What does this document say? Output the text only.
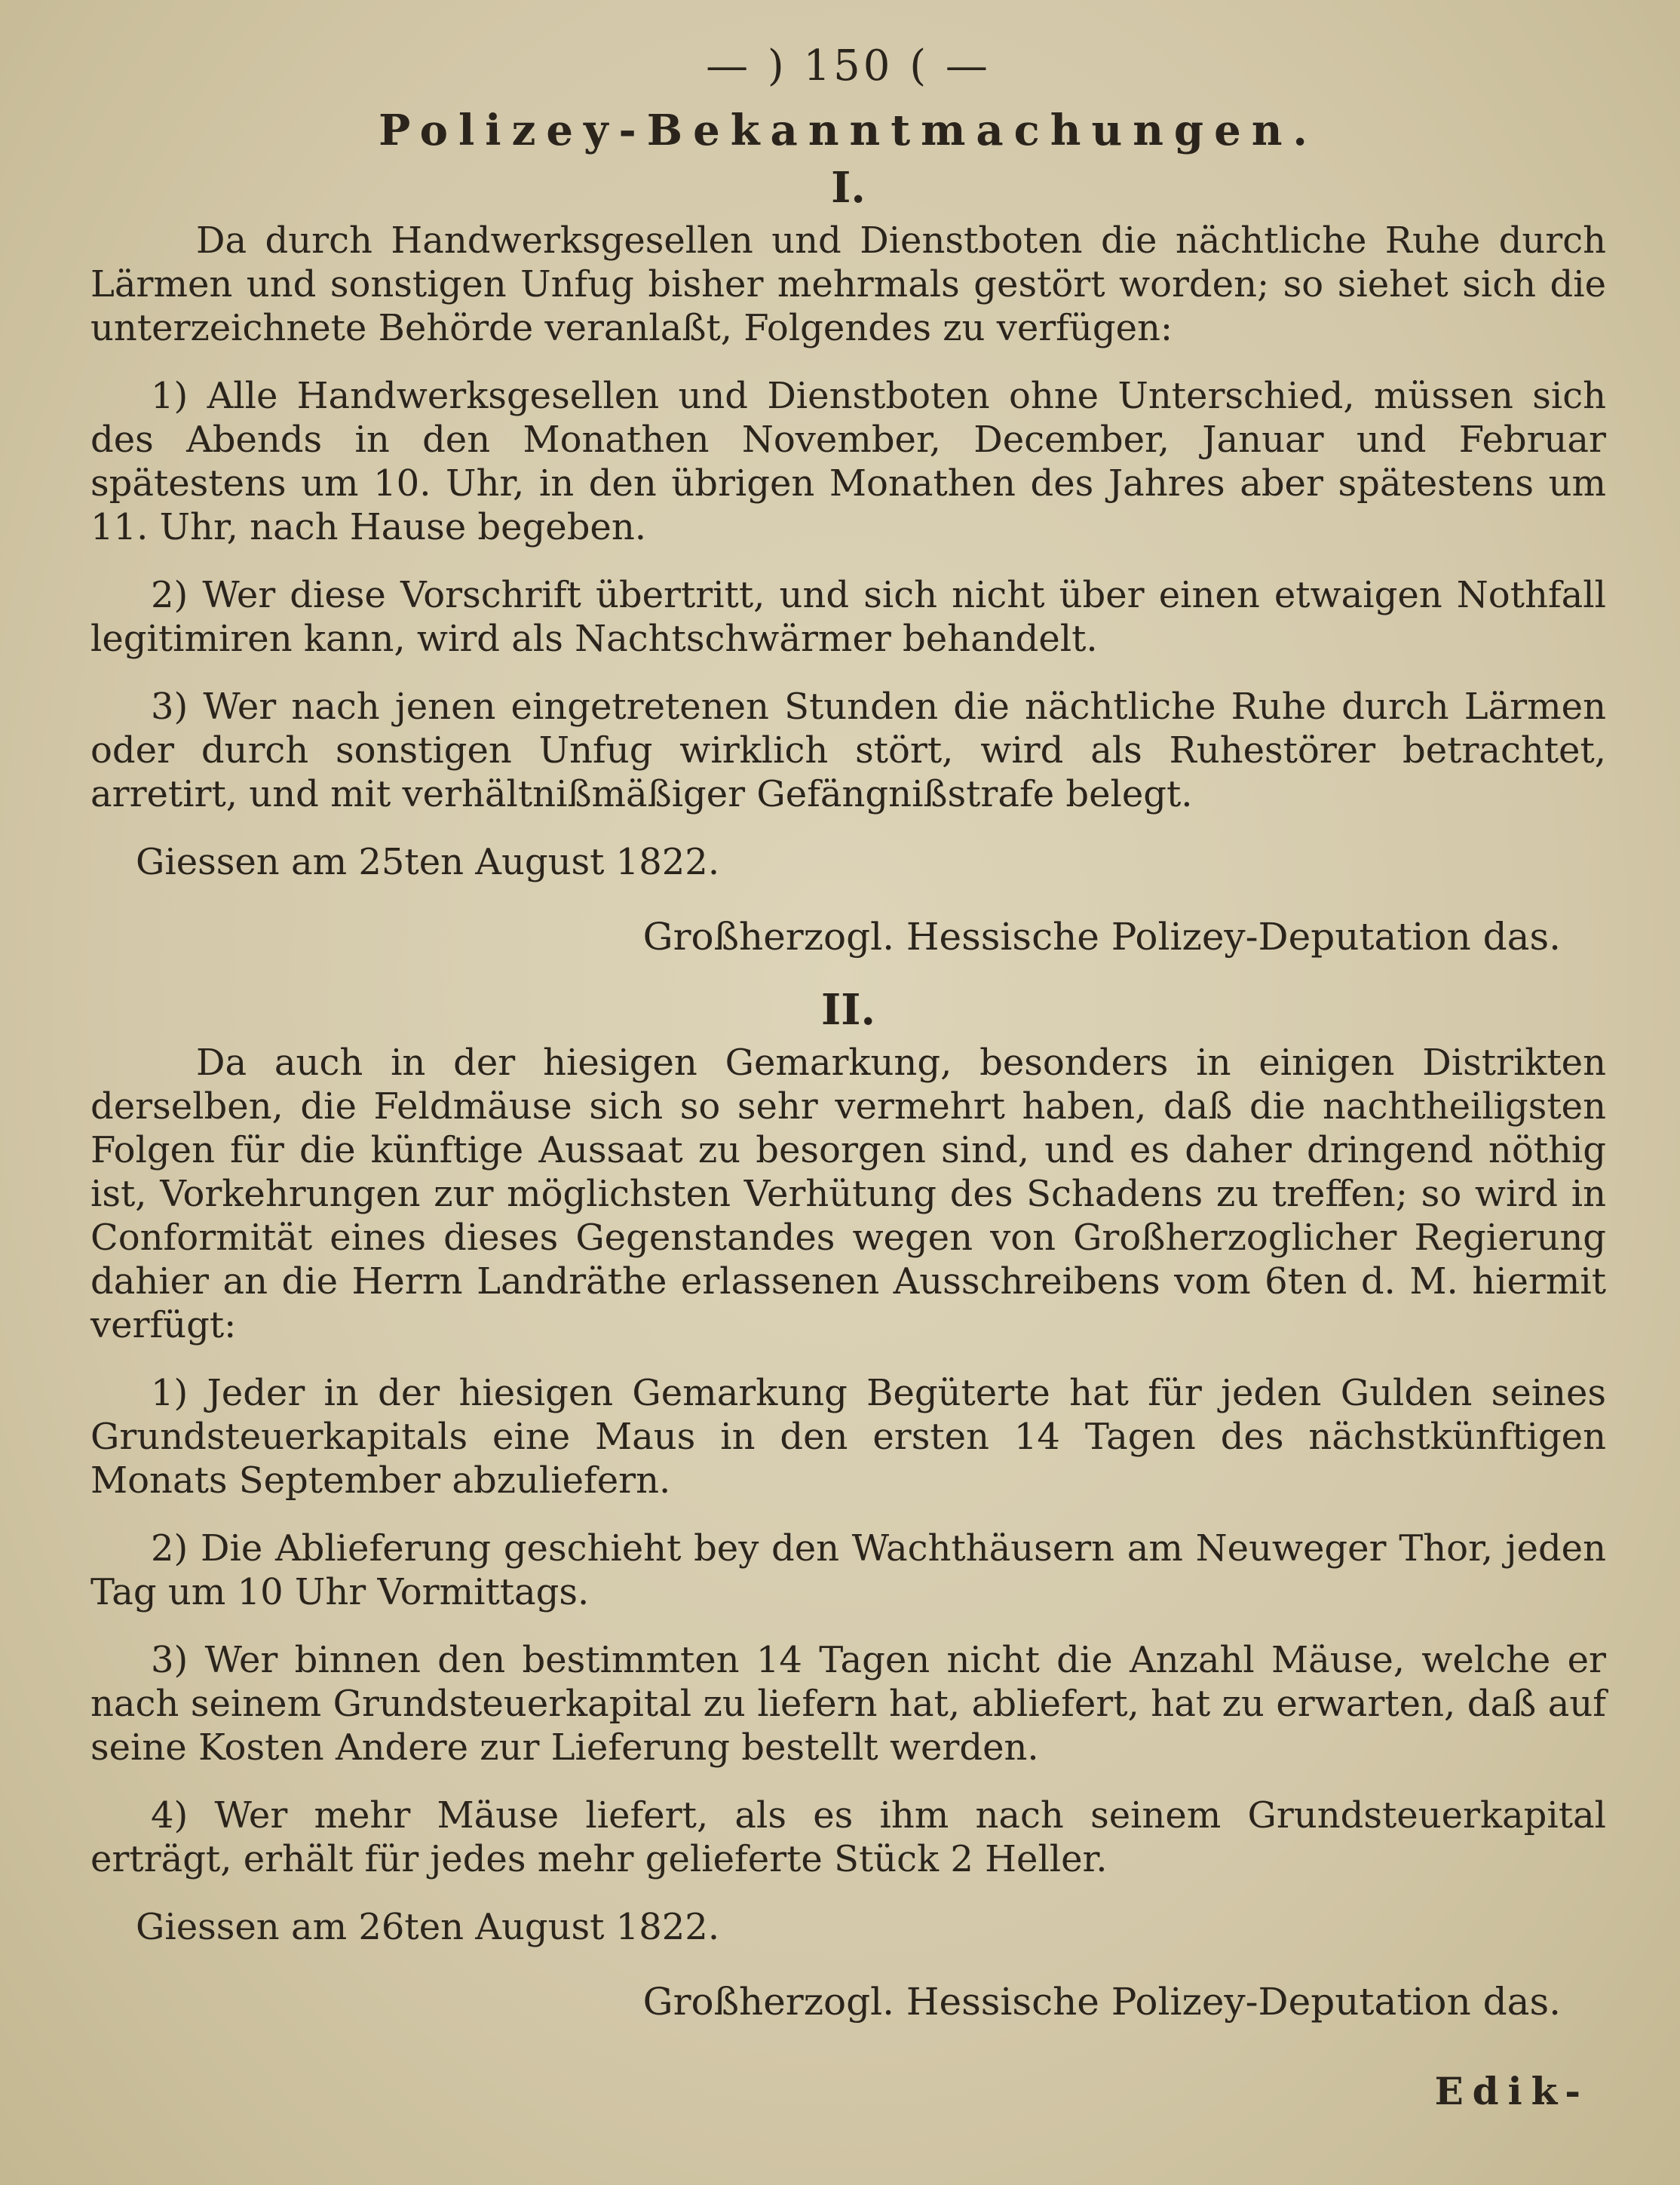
— ) 150 ( —
Polizey-Bekanntmachungen.
I.

Da durch Handwerksgesellen und Dienstboten die nächtliche Ruhe durch Lärmen und sonstigen Unfug bisher mehrmals gestört worden; so siehet sich die unterzeichnete Behörde veranlaßt, Folgendes zu verfügen:

1) Alle Handwerksgesellen und Dienstboten ohne Unterschied, müssen sich des Abends in den Monathen November, December, Januar und Februar spätestens um 10. Uhr, in den übrigen Monathen des Jahres aber spätestens um 11. Uhr, nach Hause begeben.

2) Wer diese Vorschrift übertritt, und sich nicht über einen etwaigen Nothfall legitimiren kann, wird als Nachtschwärmer behandelt.

3) Wer nach jenen eingetretenen Stunden die nächtliche Ruhe durch Lärmen oder durch sonstigen Unfug wirklich stört, wird als Ruhestörer betrachtet, arretirt, und mit verhältnißmäßiger Gefängnißstrafe belegt.

Giessen am 25ten August 1822.
Großherzogl. Hessische Polizey-Deputation das.
II.

Da auch in der hiesigen Gemarkung, besonders in einigen Distrikten derselben, die Feldmäuse sich so sehr vermehrt haben, daß die nachtheiligsten Folgen für die künftige Aussaat zu besorgen sind, und es daher dringend nöthig ist, Vorkehrungen zur möglichsten Verhütung des Schadens zu treffen; so wird in Conformität eines dieses Gegenstandes wegen von Großherzoglicher Regierung dahier an die Herrn Landräthe erlassenen Ausschreibens vom 6ten d. M. hiermit verfügt:

1) Jeder in der hiesigen Gemarkung Begüterte hat für jeden Gulden seines Grundsteuerkapitals eine Maus in den ersten 14 Tagen des nächstkünftigen Monats September abzuliefern.

2) Die Ablieferung geschieht bey den Wachthäusern am Neuweger Thor, jeden Tag um 10 Uhr Vormittags.

3) Wer binnen den bestimmten 14 Tagen nicht die Anzahl Mäuse, welche er nach seinem Grundsteuerkapital zu liefern hat, abliefert, hat zu erwarten, daß auf seine Kosten Andere zur Lieferung bestellt werden.

4) Wer mehr Mäuse liefert, als es ihm nach seinem Grundsteuerkapital erträgt, erhält für jedes mehr gelieferte Stück 2 Heller.

Giessen am 26ten August 1822.
Großherzogl. Hessische Polizey-Deputation das.
Edik-
